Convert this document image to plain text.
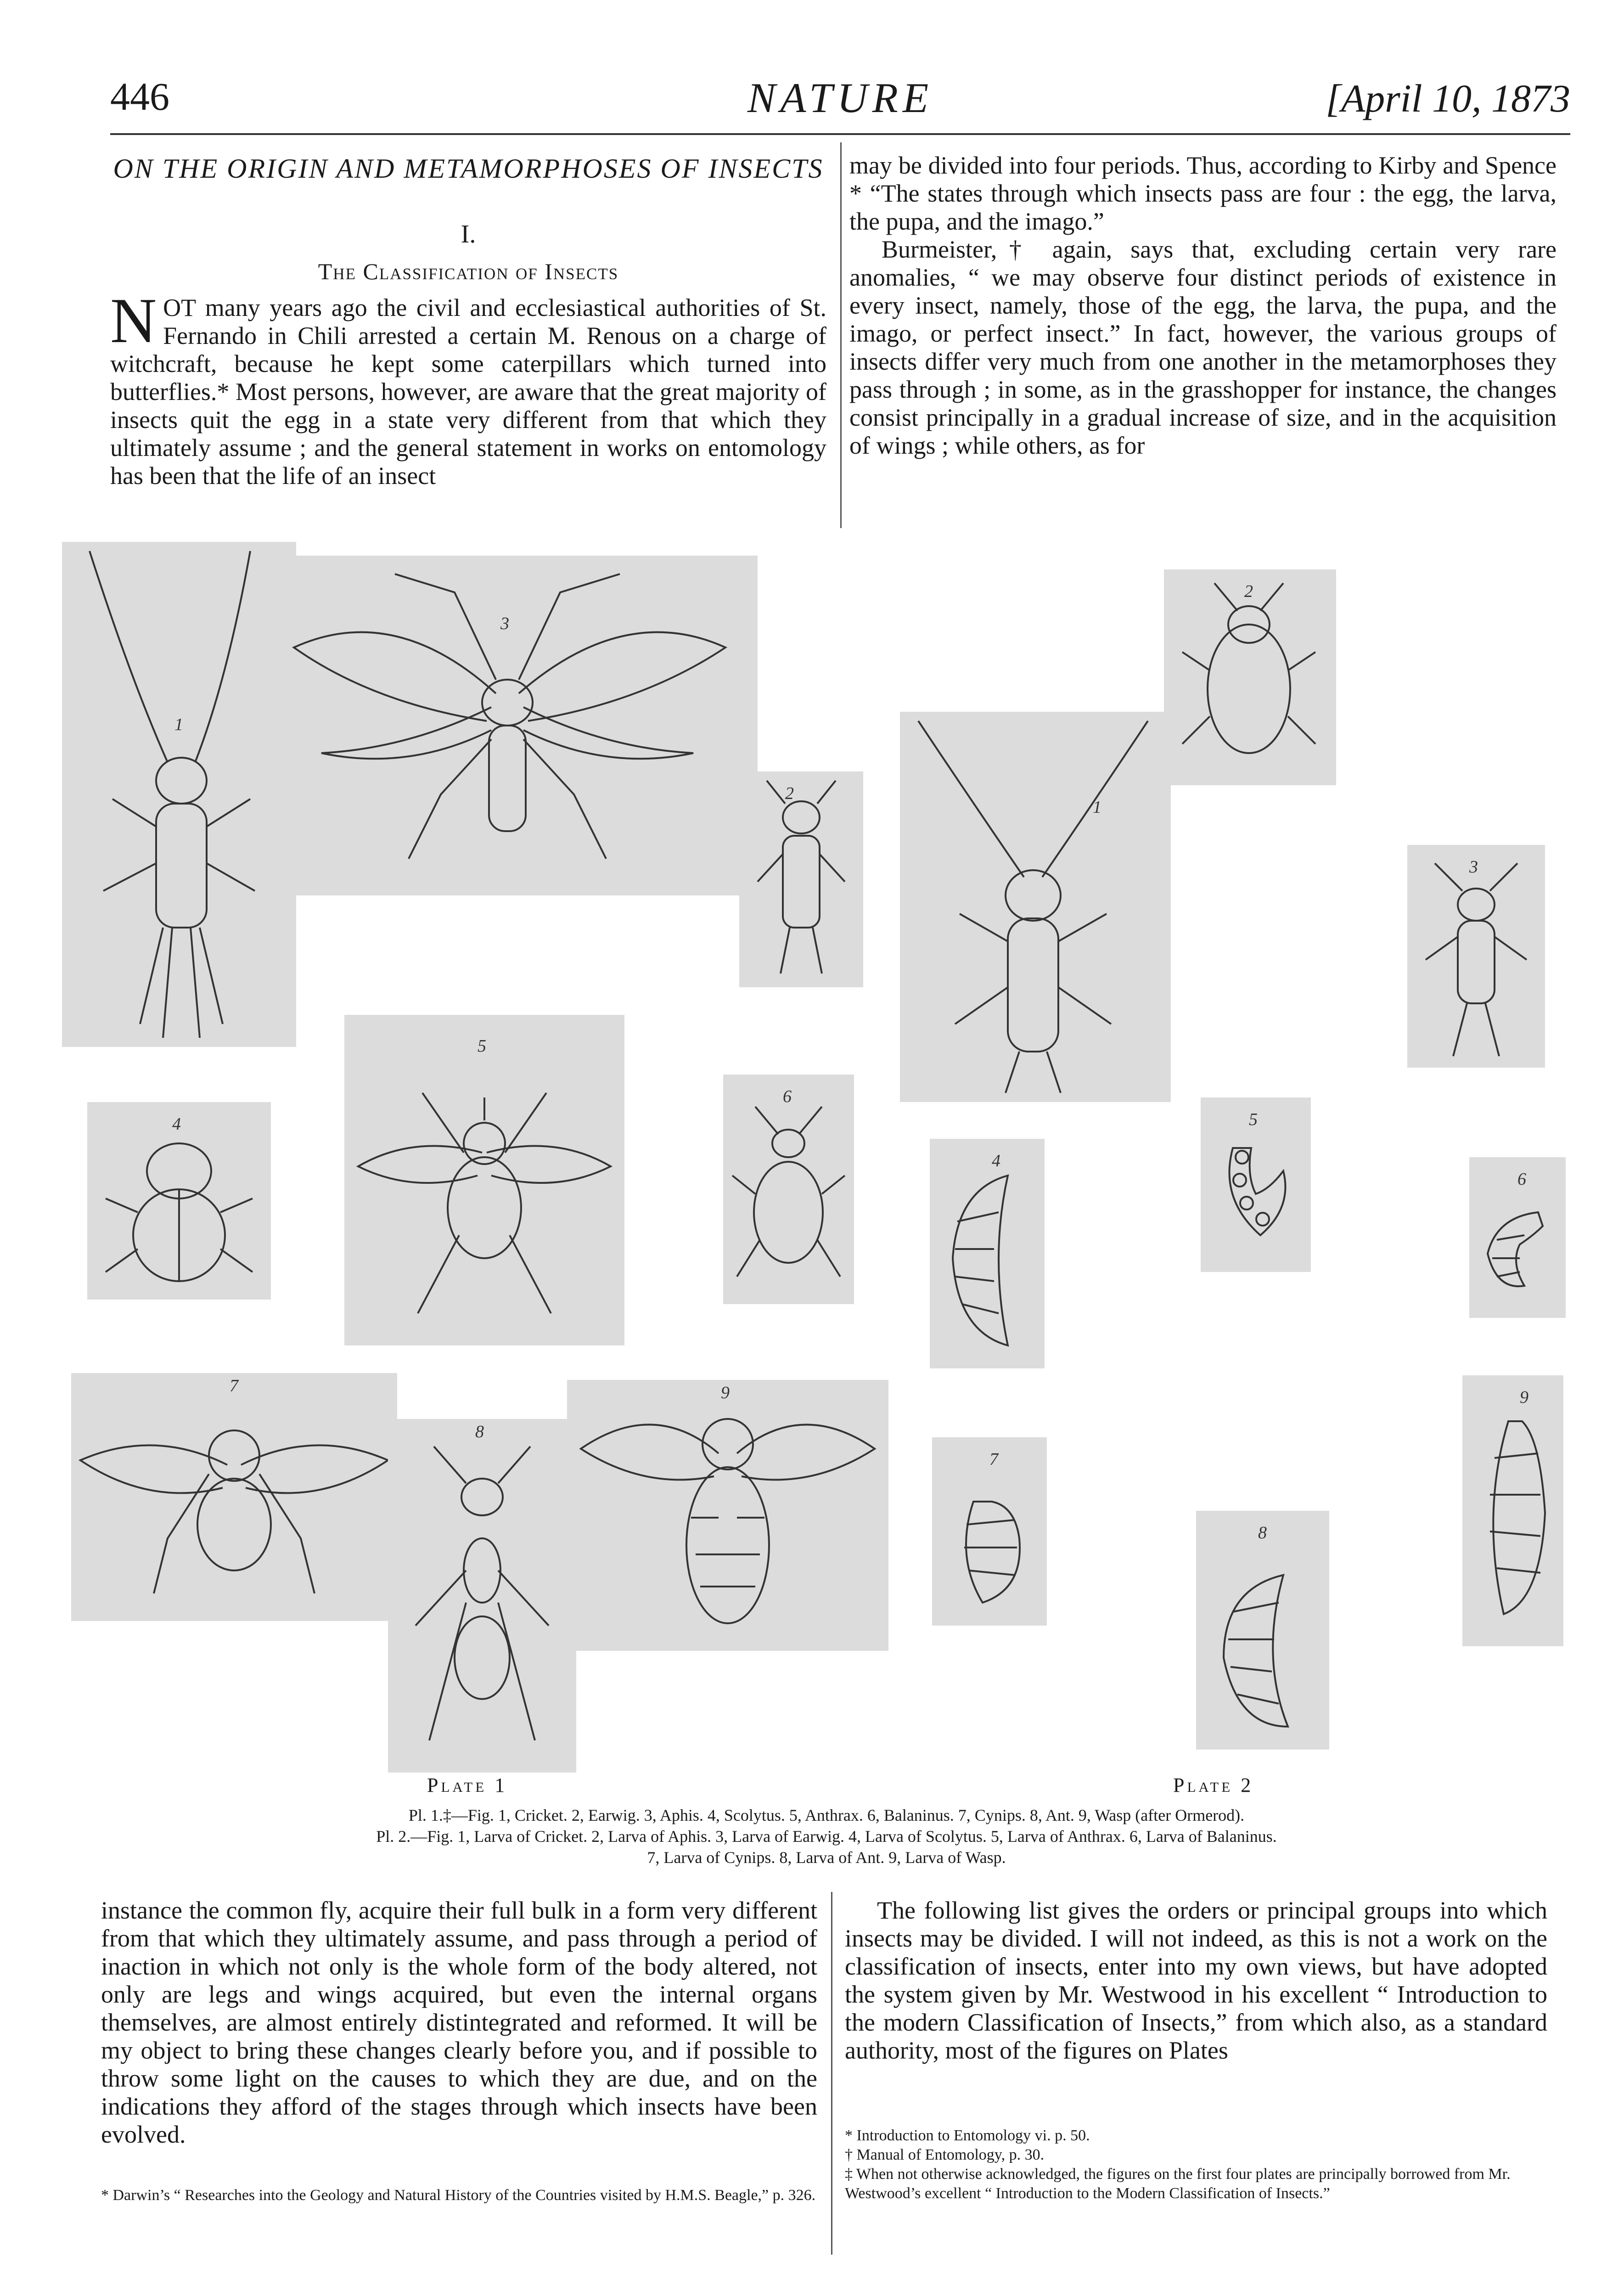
446	NATURE	[April 10, 1873
ON THE ORIGIN AND METAMORPHOSES OF INSECTS
I.
The Classification of Insects

NOT many years ago the civil and ecclesiastical authorities of St. Fernando in Chili arrested a certain M. Renous on a charge of witchcraft, because he kept some caterpillars which turned into butterflies.* Most persons, however, are aware that the great majority of insects quit the egg in a state very different from that which they ultimately assume ; and the general statement in works on entomology has been that the life of an insect

may be divided into four periods. Thus, according to Kirby and Spence * “The states through which insects pass are four : the egg, the larva, the pupa, and the imago.”

Burmeister,† again, says that, excluding certain very rare anomalies, “ we may observe four distinct periods of existence in every insect, namely, those of the egg, the larva, the pupa, and the imago, or perfect insect.” In fact, however, the various groups of insects differ very much from one another in the metamorphoses they pass through ; in some, as in the grasshopper for instance, the changes consist principally in a gradual increase of size, and in the acquisition of wings ; while others, as for

1
3
2
4
5
6
7
8
9
2
1
3
4
5
6
7
8
9
Plate 1	Plate 2
Pl. 1.‡—Fig. 1, Cricket. 2, Earwig. 3, Aphis. 4, Scolytus. 5, Anthrax. 6, Balaninus. 7, Cynips. 8, Ant. 9, Wasp (after Ormerod).
Pl. 2.—Fig. 1, Larva of Cricket. 2, Larva of Aphis. 3, Larva of Earwig. 4, Larva of Scolytus. 5, Larva of Anthrax. 6, Larva of Balaninus.
7, Larva of Cynips. 8, Larva of Ant. 9, Larva of Wasp.

instance the common fly, acquire their full bulk in a form very different from that which they ultimately assume, and pass through a period of inaction in which not only is the whole form of the body altered, not only are legs and wings acquired, but even the internal organs themselves, are almost entirely distintegrated and reformed. It will be my object to bring these changes clearly before you, and if possible to throw some light on the causes to which they are due, and on the indications they afford of the stages through which insects have been evolved.

* Darwin’s “ Researches into the Geology and Natural History of the Countries visited by H.M.S. Beagle,” p. 326.

The following list gives the orders or principal groups into which insects may be divided. I will not indeed, as this is not a work on the classification of insects, enter into my own views, but have adopted the system given by Mr. Westwood in his excellent “ Introduction to the modern Classification of Insects,” from which also, as a standard authority, most of the figures on Plates

* Introduction to Entomology vi. p. 50.
† Manual of Entomology, p. 30.
‡ When not otherwise acknowledged, the figures on the first four plates are principally borrowed from Mr. Westwood’s excellent “ Introduction to the Modern Classification of Insects.”
